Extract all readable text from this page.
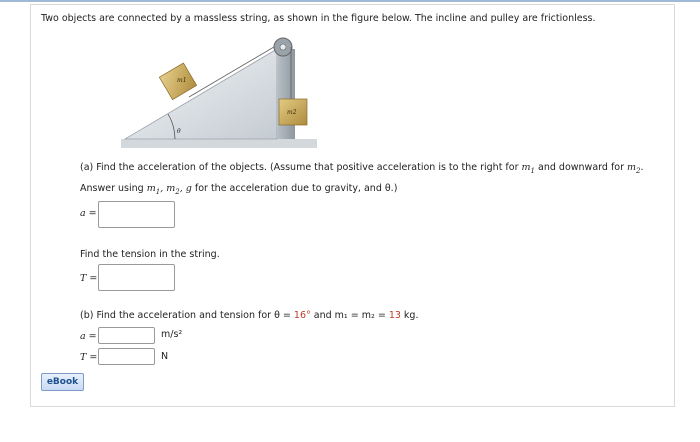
Two objects are connected by a massless string, as shown in the figure below. The incline and pulley are frictionless.
m1
m2
θ
(a) Find the acceleration of the objects. (Assume that positive acceleration is to the right for $m_1$ and downward for $m_2$.
Answer using $m_1$, $m_2$, g for the acceleration due to gravity, and θ.)
a =
Find the tension in the string.
T =
(b) Find the acceleration and tension for θ = 16° and m₁ = m₂ = 13 kg.
a =	m/s²
T =	N
eBook
